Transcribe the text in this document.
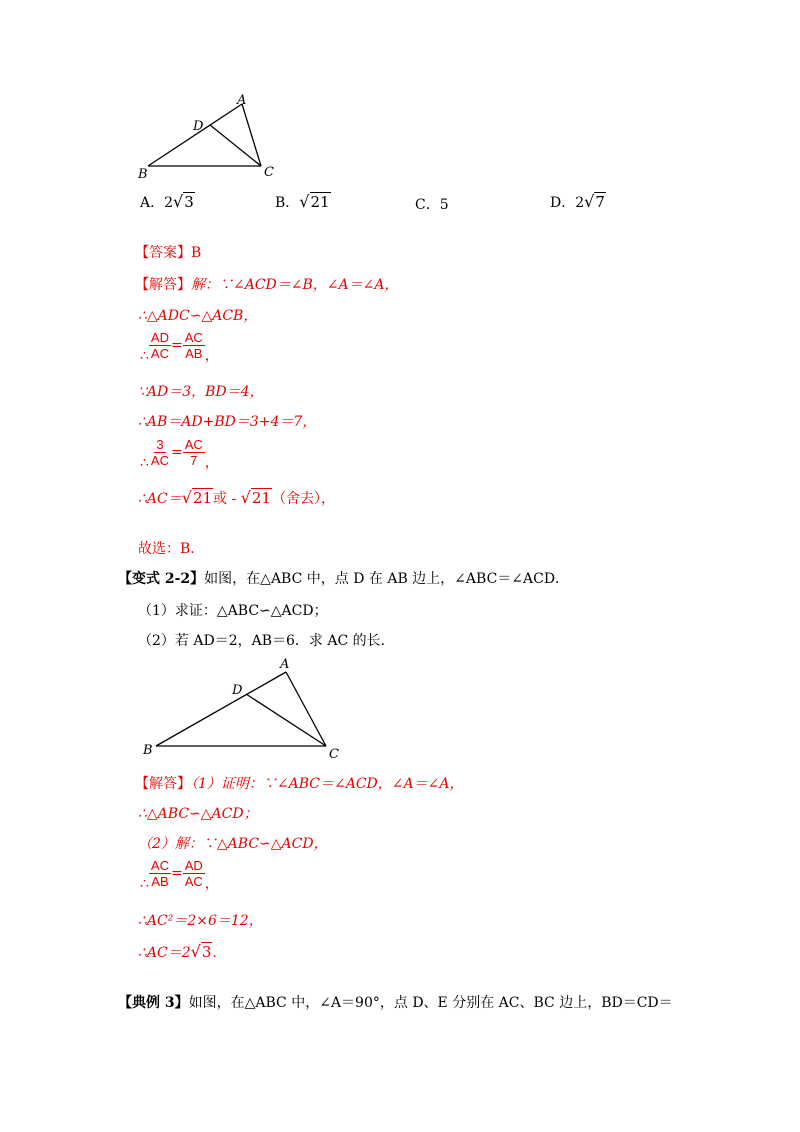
A
D
B	C
A．2√3	B．√21	C．5	D．2√7
【答案】B
【解答】解：∵∠ACD＝∠B，∠A＝∠A，
∴△ADC∽△ACB，
∴ $\frac{AD}{AC} = \frac{AC}{AB}$ ，
∵AD＝3，BD＝4，
∴AB＝AD+BD＝3+4＝7，
∴ $\frac{3}{AC} = \frac{AC}{7}$ ，
∴AC＝√21或 - √21（舍去），
故选：B．
【变式 2-2】如图，在△ABC 中，点 D 在 AB 边上，∠ABC＝∠ACD．
（1）求证：△ABC∽△ACD；
（2）若 AD＝2，AB＝6．求 AC 的长．
A
D
B	C
【解答】（1）证明：∵∠ABC＝∠ACD，∠A＝∠A，
∴△ABC∽△ACD；
（2）解：∵△ABC∽△ACD，
∴ $\frac{AC}{AB} = \frac{AD}{AC}$ ，
∴AC²＝2×6＝12，
∴AC＝2√3．
【典例 3】如图，在△ABC 中，∠A＝90°，点 D、E 分别在 AC、BC 边上，BD＝CD＝
